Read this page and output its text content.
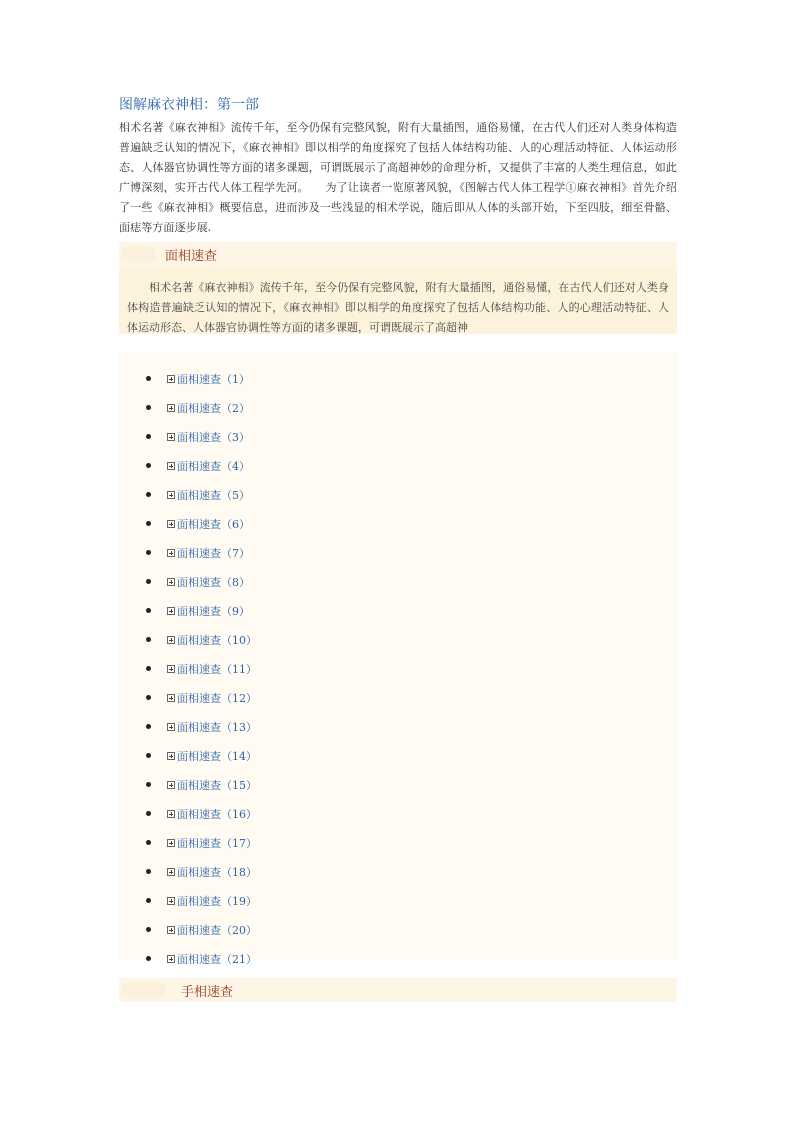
图解麻衣神相：第一部

相术名著《麻衣神相》流传千年，至今仍保有完整风貌，附有大量插图，通俗易懂，在古代人们还对人类身体构造普遍缺乏认知的情况下，《麻衣神相》即以相学的角度探究了包括人体结构功能、人的心理活动特征、人体运动形态、人体器官协调性等方面的诸多课题，可谓既展示了高超神妙的命理分析，又提供了丰富的人类生理信息，如此广博深刻，实开古代人体工程学先河。　　为了让读者一览原著风貌，《图解古代人体工程学①麻衣神相》首先介绍了一些《麻衣神相》概要信息，进而涉及一些浅显的相术学说，随后即从人体的头部开始，下至四肢，细至骨骼、面痣等方面逐步展.

面相速查
相术名著《麻衣神相》流传千年，至今仍保有完整风貌，附有大量插图，通俗易懂，在古代人们还对人类身体构造普遍缺乏认知的情况下，《麻衣神相》即以相学的角度探究了包括人体结构功能、人的心理活动特征、人体运动形态、人体器官协调性等方面的诸多课题，可谓既展示了高超神
面相速查（1）
面相速查（2）
面相速查（3）
面相速查（4）
面相速查（5）
面相速查（6）
面相速查（7）
面相速查（8）
面相速查（9）
面相速查（10）
面相速查（11）
面相速查（12）
面相速查（13）
面相速查（14）
面相速查（15）
面相速查（16）
面相速查（17）
面相速查（18）
面相速查（19）
面相速查（20）
面相速查（21）
手相速查
